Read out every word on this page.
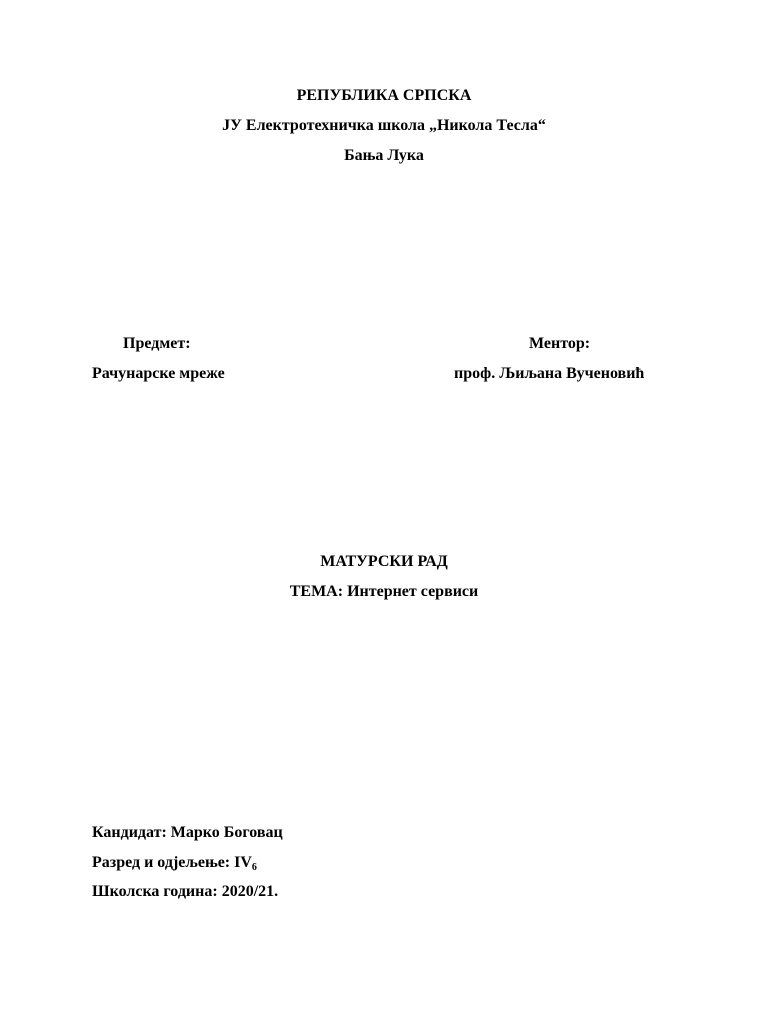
РЕПУБЛИКА СРПСКА
ЈУ Електротехничка школа „Никола Тесла“
Бања Лука
Предмет:
Рачунарске мреже
Ментор:
проф. Љиљана Вученовић
МАТУРСКИ РАД
ТЕМА: Интернет сервиси
Кандидат: Марко Боговац
Разред и одјељење: $IV_6$
Школска година: 2020/21.
